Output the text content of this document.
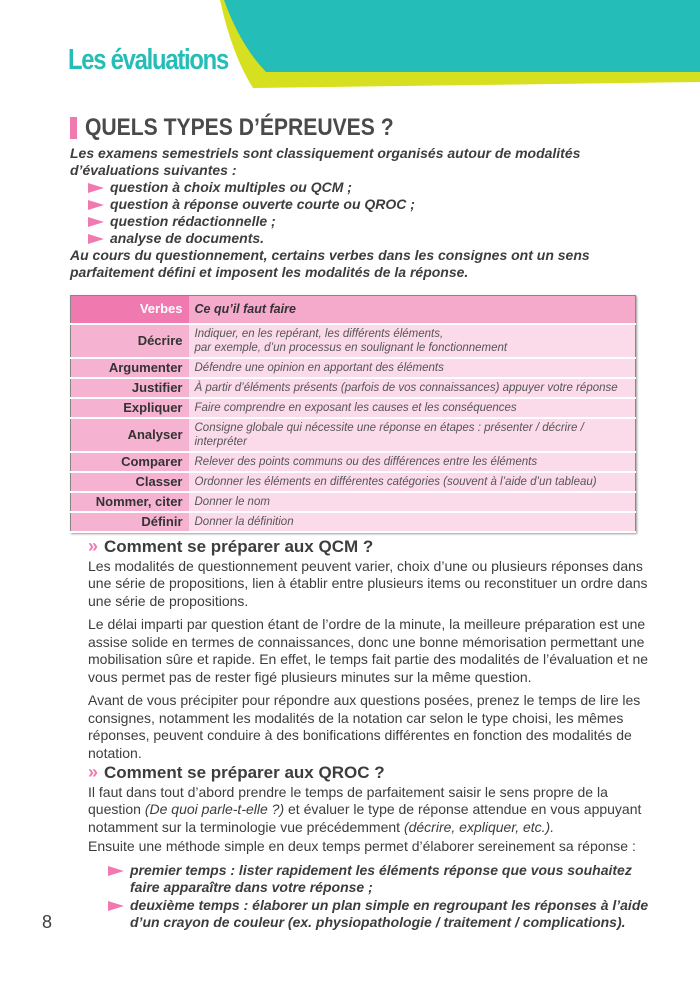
Les évaluations
QUELS TYPES D’ÉPREUVES ?

Les examens semestriels sont classiquement organisés autour de modalités d’évaluations suivantes :

question à choix multiples ou QCM ;
question à réponse ouverte courte ou QROC ;
question rédactionnelle ;
analyse de documents.

Au cours du questionnement, certains verbes dans les consignes ont un sens parfaitement défini et imposent les modalités de la réponse.

Verbes	Ce qu’il faut faire
Décrire	Indiquer, en les repérant, les différents éléments,
par exemple, d’un processus en soulignant le fonctionnement

Argumenter	Défendre une opinion en apportant des éléments
Justifier	À partir d’éléments présents (parfois de vos connaissances) appuyer votre réponse
Expliquer	Faire comprendre en exposant les causes et les conséquences
Analyser	Consigne globale qui nécessite une réponse en étapes : présenter / décrire / interpréter
Comparer	Relever des points communs ou des différences entre les éléments
Classer	Ordonner les éléments en différentes catégories (souvent à l’aide d’un tableau)
Nommer, citer	Donner le nom
Définir	Donner la définition
» Comment se préparer aux QCM ?

Les modalités de questionnement peuvent varier, choix d’une ou plusieurs réponses dans une série de propositions, lien à établir entre plusieurs items ou reconstituer un ordre dans une série de propositions.

Le délai imparti par question étant de l’ordre de la minute, la meilleure préparation est une assise solide en termes de connaissances, donc une bonne mémorisation permettant une mobilisation sûre et rapide. En effet, le temps fait partie des modalités de l’évaluation et ne vous permet pas de rester figé plusieurs minutes sur la même question.

Avant de vous précipiter pour répondre aux questions posées, prenez le temps de lire les consignes, notamment les modalités de la notation car selon le type choisi, les mêmes réponses, peuvent conduire à des bonifications différentes en fonction des modalités de notation.

» Comment se préparer aux QROC ?

Il faut dans tout d’abord prendre le temps de parfaitement saisir le sens propre de la question (De quoi parle-t-elle ?) et évaluer le type de réponse attendue en vous appuyant notamment sur la terminologie vue précédemment (décrire, expliquer, etc.).

Ensuite une méthode simple en deux temps permet d’élaborer sereinement sa réponse :

premier temps : lister rapidement les éléments réponse que vous souhaitez faire apparaître dans votre réponse ;
deuxième temps : élaborer un plan simple en regroupant les réponses à l’aide d’un crayon de couleur (ex. physiopathologie / traitement / complications).
8
